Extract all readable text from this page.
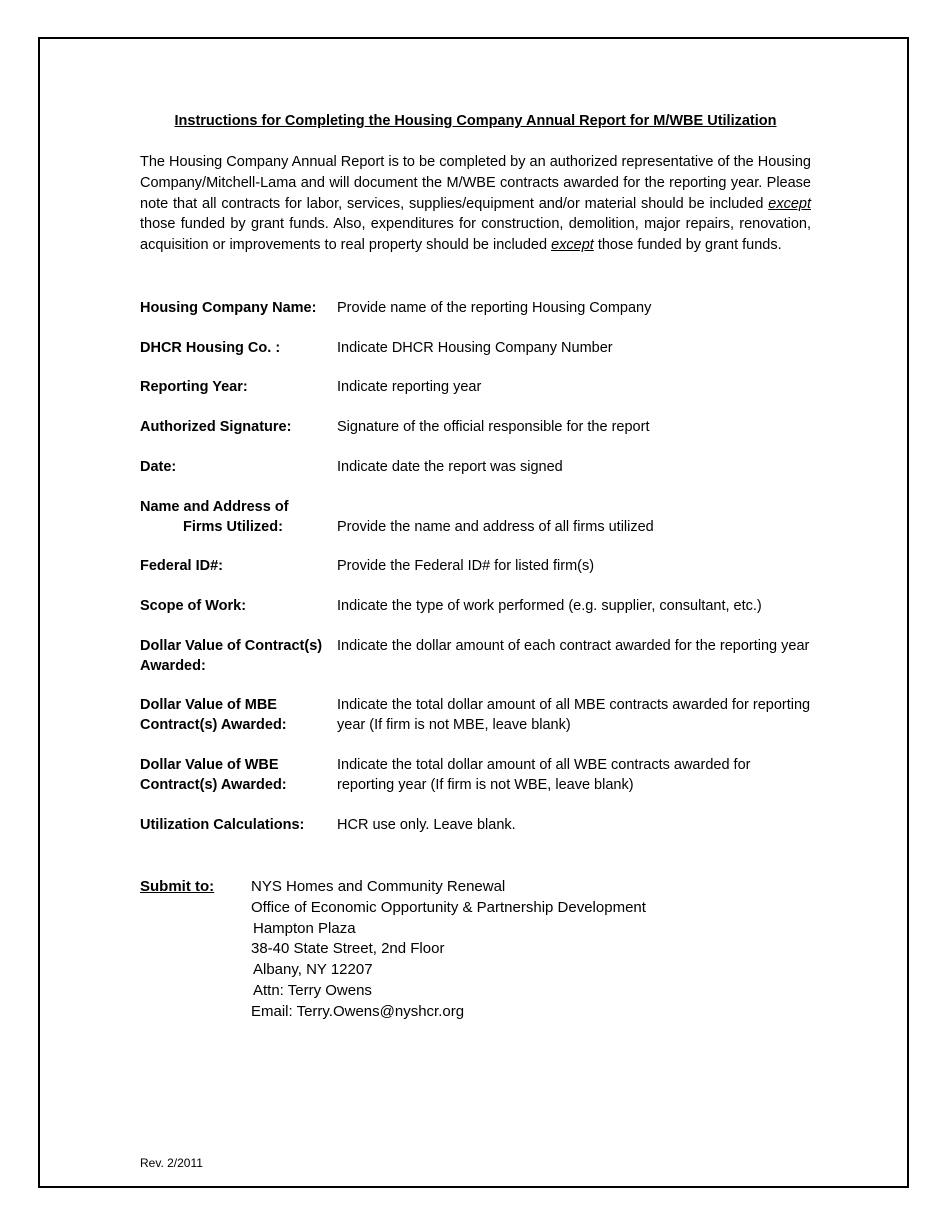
Instructions for Completing the Housing Company Annual Report for M/WBE Utilization
The Housing Company Annual Report is to be completed by an authorized representative of the Housing Company/Mitchell-Lama and will document the M/WBE contracts awarded for the reporting year. Please note that all contracts for labor, services, supplies/equipment and/or material should be included except those funded by grant funds. Also, expenditures for construction, demolition, major repairs, renovation, acquisition or improvements to real property should be included except those funded by grant funds.
Housing Company Name:	Provide name of the reporting Housing Company
DHCR Housing Co. :	Indicate DHCR Housing Company Number
Reporting Year:	Indicate reporting year
Authorized Signature:	Signature of the official responsible for the report
Date:	Indicate date the report was signed
Name and Address of
Firms Utilized:	Provide the name and address of all firms utilized
Federal ID#:	Provide the Federal ID# for listed firm(s)
Scope of Work:	Indicate the type of work performed (e.g. supplier, consultant, etc.)
Dollar Value of Contract(s) Awarded:
Indicate the dollar amount of each contract awarded for the reporting year
Dollar Value of MBE Contract(s) Awarded:
Indicate the total dollar amount of all MBE contracts awarded for reporting year (If firm is not MBE, leave blank)
Dollar Value of WBE Contract(s) Awarded:
Indicate the total dollar amount of all WBE contracts awarded for reporting year (If firm is not WBE, leave blank)
Utilization Calculations:	HCR use only. Leave blank.
Submit to: NYS Homes and Community Renewal
Office of Economic Opportunity & Partnership Development
Hampton Plaza
38-40 State Street, 2nd Floor
Albany, NY 12207
Attn: Terry Owens
Email: Terry.Owens@nyshcr.org
Rev. 2/2011
